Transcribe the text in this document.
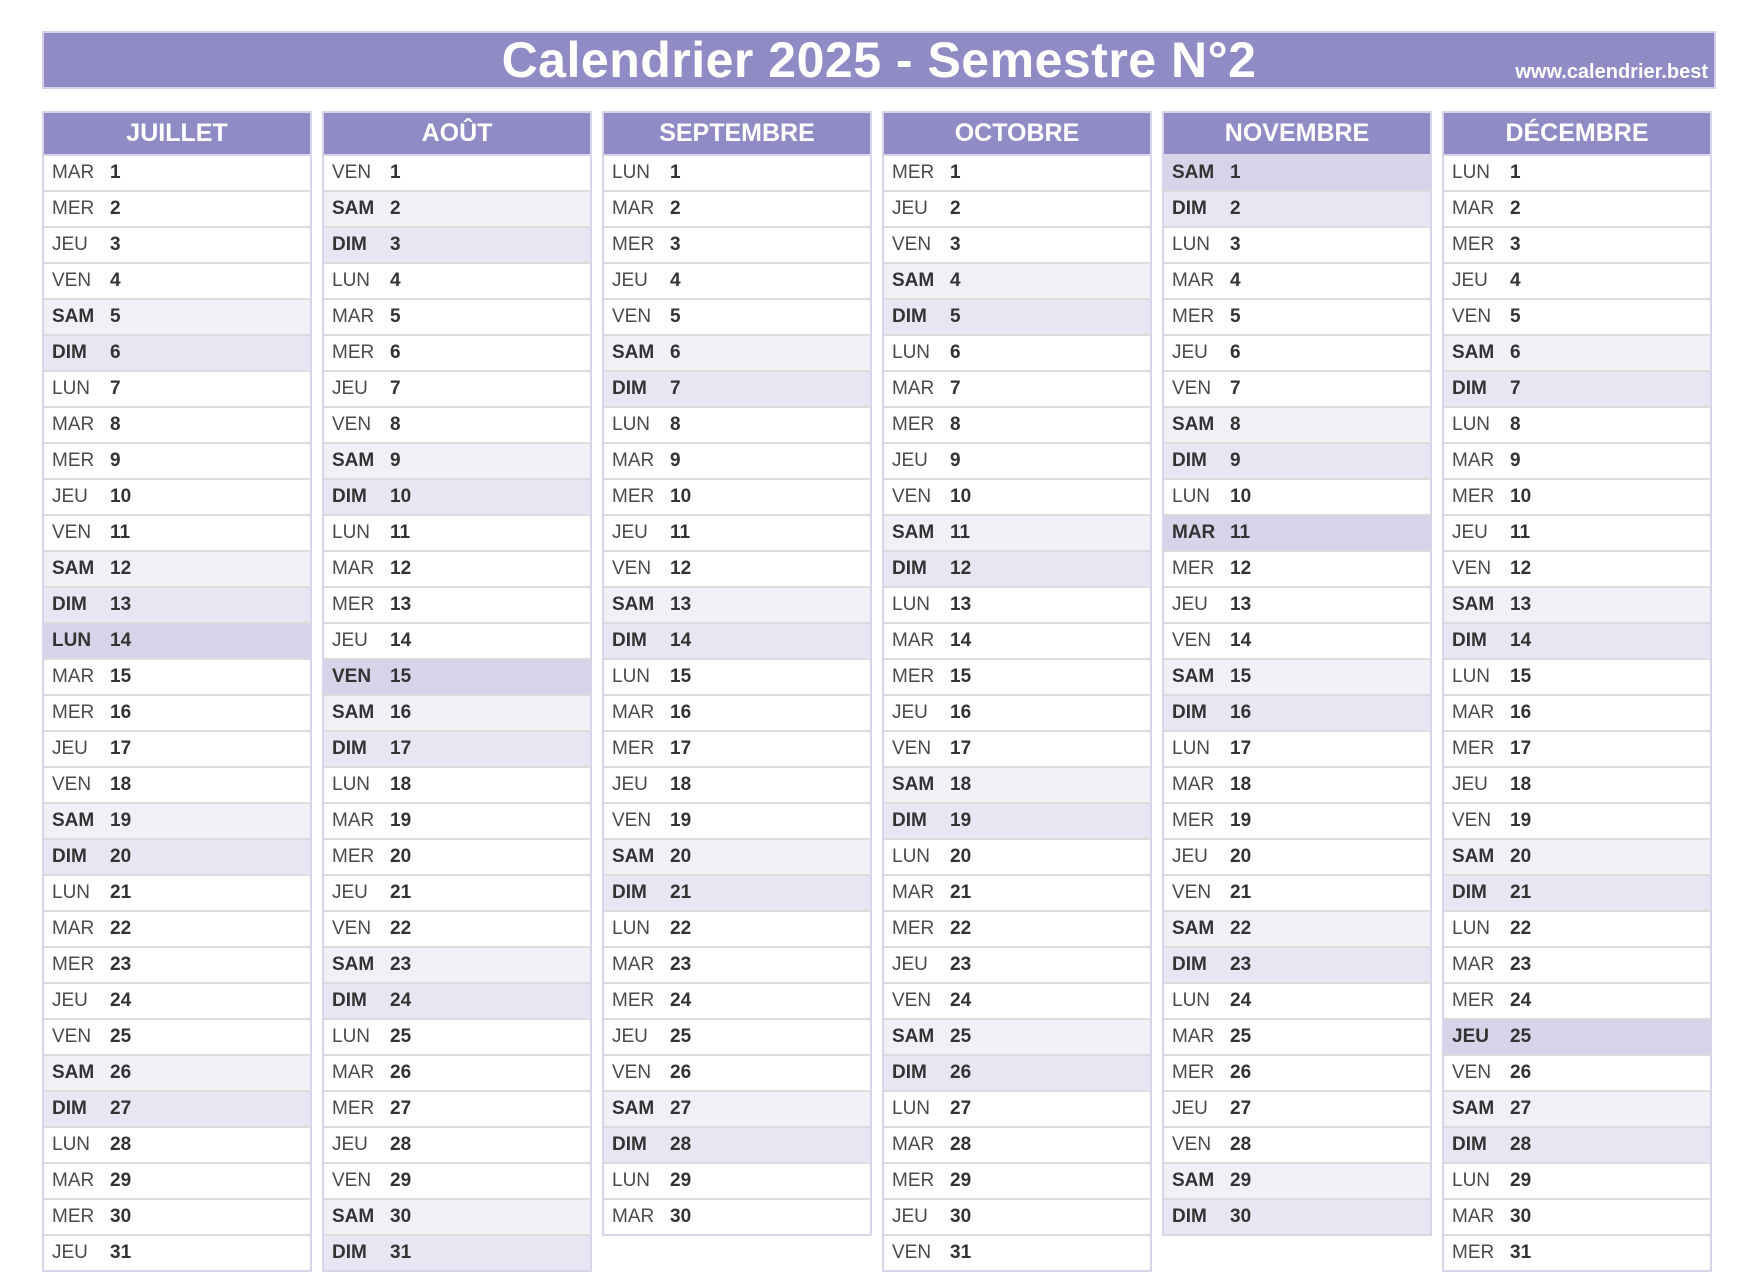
Calendrier 2025 - Semestre N°2	www.calendrier.best
JUILLET
MAR 1
MER 2
JEU	3
VEN 4
SAM 5
DIM	6
LUN	7
MAR 8
MER 9
JEU	10
VEN 11
SAM 12
DIM	13
LUN 14
MAR 15
MER 16
JEU	17
VEN 18
SAM 19
DIM	20
LUN	21
MAR 22
MER 23
JEU	24
VEN 25
SAM 26
DIM	27
LUN	28
MAR 29
MER 30
JEU	31
AOÛT
VEN 1
SAM 2
DIM	3
LUN	4
MAR 5
MER 6
JEU	7
VEN 8
SAM 9
DIM	10
LUN	11
MAR 12
MER 13
JEU	14
VEN 15
SAM 16
DIM	17
LUN	18
MAR 19
MER 20
JEU	21
VEN 22
SAM 23
DIM	24
LUN	25
MAR 26
MER 27
JEU	28
VEN 29
SAM 30
DIM	31
SEPTEMBRE
LUN	1
MAR 2
MER 3
JEU	4
VEN 5
SAM 6
DIM	7
LUN	8
MAR 9
MER 10
JEU	11
VEN 12
SAM 13
DIM	14
LUN	15
MAR 16
MER 17
JEU	18
VEN 19
SAM 20
DIM	21
LUN	22
MAR 23
MER 24
JEU	25
VEN 26
SAM 27
DIM	28
LUN	29
MAR 30
OCTOBRE
MER 1
JEU	2
VEN 3
SAM 4
DIM	5
LUN	6
MAR 7
MER 8
JEU	9
VEN 10
SAM 11
DIM	12
LUN	13
MAR 14
MER 15
JEU	16
VEN 17
SAM 18
DIM	19
LUN	20
MAR 21
MER 22
JEU	23
VEN 24
SAM 25
DIM	26
LUN	27
MAR 28
MER 29
JEU	30
VEN 31
NOVEMBRE
SAM 1
DIM	2
LUN	3
MAR 4
MER 5
JEU	6
VEN 7
SAM 8
DIM	9
LUN	10
MAR 11
MER 12
JEU	13
VEN 14
SAM 15
DIM	16
LUN	17
MAR 18
MER 19
JEU	20
VEN 21
SAM 22
DIM	23
LUN	24
MAR 25
MER 26
JEU	27
VEN 28
SAM 29
DIM	30
DÉCEMBRE
LUN	1
MAR 2
MER 3
JEU	4
VEN 5
SAM 6
DIM	7
LUN	8
MAR 9
MER 10
JEU	11
VEN 12
SAM 13
DIM	14
LUN	15
MAR 16
MER 17
JEU	18
VEN 19
SAM 20
DIM	21
LUN	22
MAR 23
MER 24
JEU	25
VEN 26
SAM 27
DIM	28
LUN	29
MAR 30
MER 31
